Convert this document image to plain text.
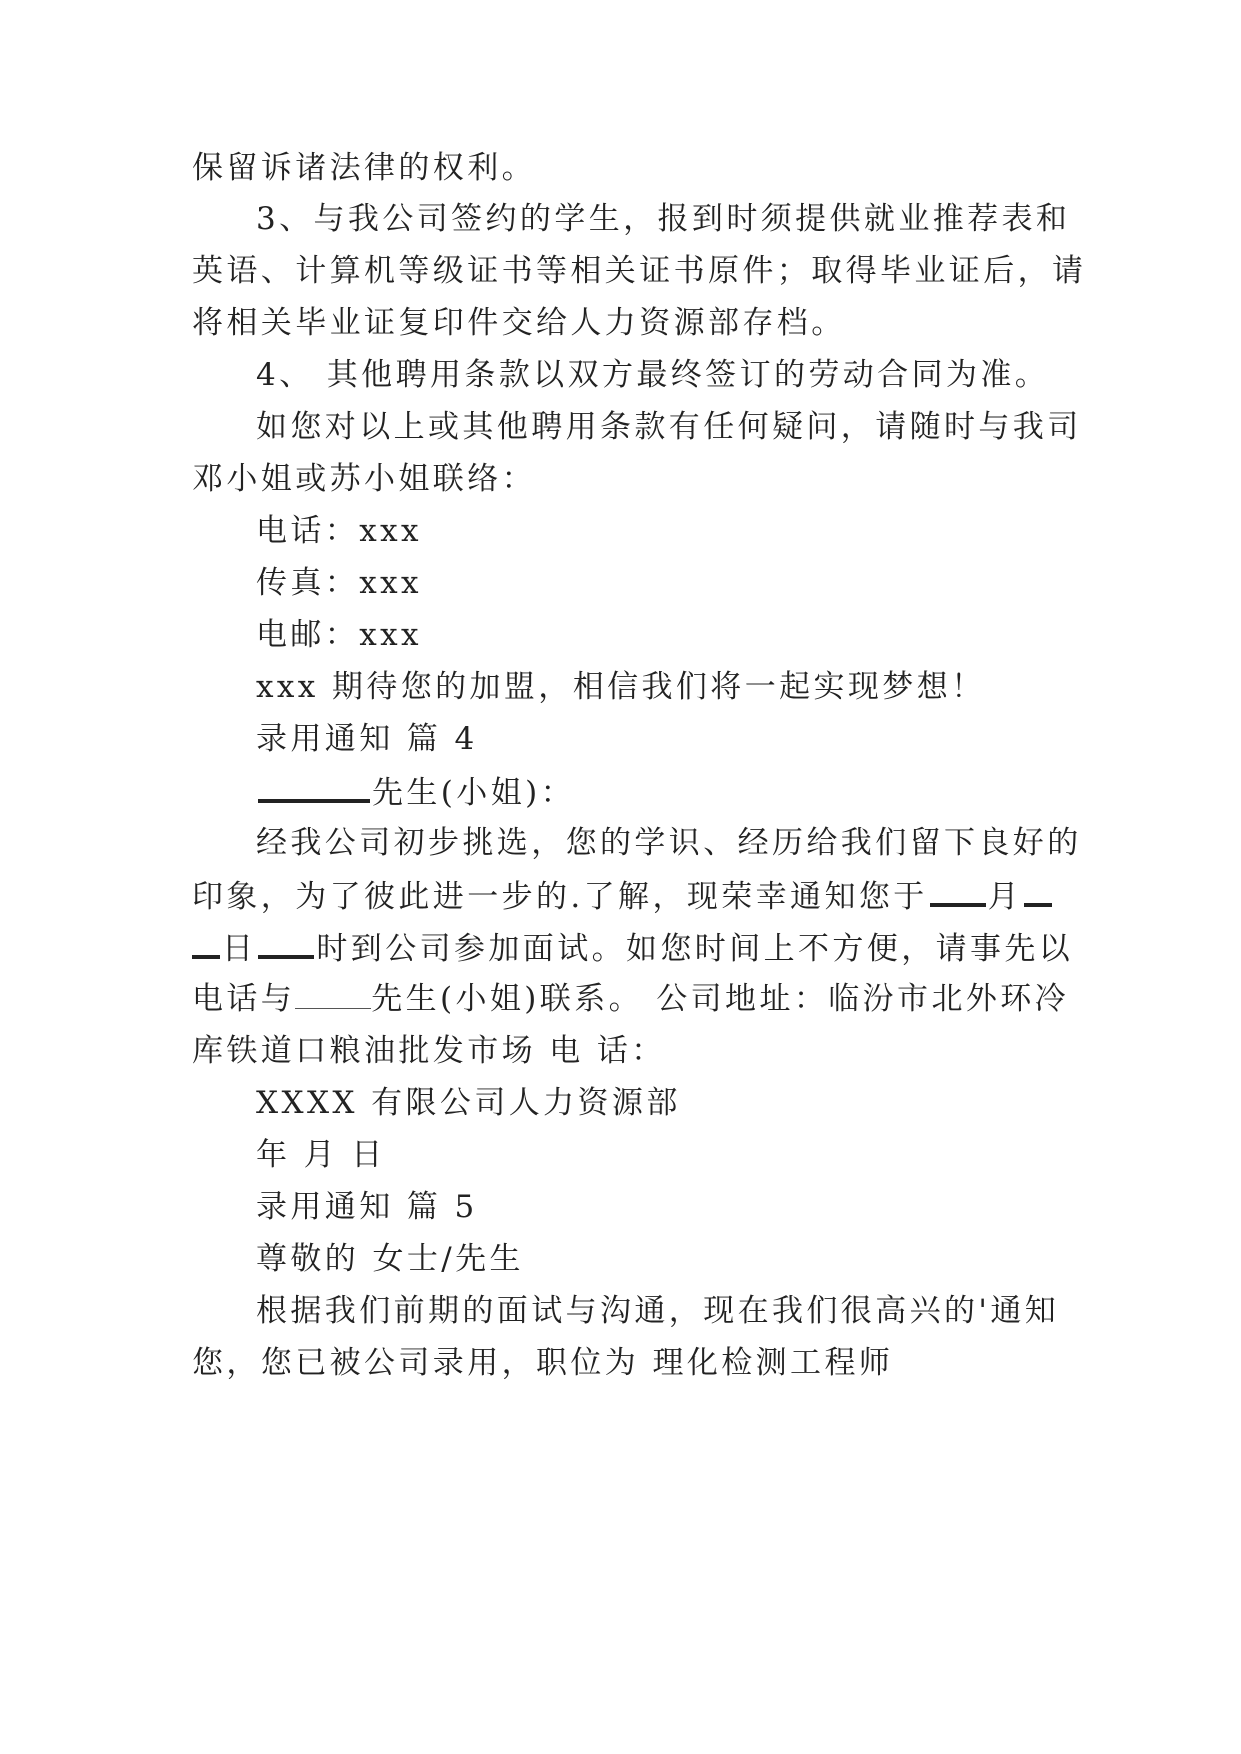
保留诉诸法律的权利。
3、与我公司签约的学生，报到时须提供就业推荐表和
英语、计算机等级证书等相关证书原件；取得毕业证后，请
将相关毕业证复印件交给人力资源部存档。
4、 其他聘用条款以双方最终签订的劳动合同为准。
如您对以上或其他聘用条款有任何疑问，请随时与我司
邓小姐或苏小姐联络：
电话：xxx
传真：xxx
电邮：xxx
xxx 期待您的加盟，相信我们将一起实现梦想！
录用通知 篇 4
先生(小姐)：
经我公司初步挑选，您的学识、经历给我们留下良好的
印象，为了彼此进一步的.了解，现荣幸通知您于 月
日 时到公司参加面试。如您时间上不方便，请事先以
电话与 先生(小姐)联系。 公司地址：临汾市北外环冷
库铁道口粮油批发市场 电 话：
XXXX 有限公司人力资源部
年 月 日
录用通知 篇 5
尊敬的 女士/先生
根据我们前期的面试与沟通，现在我们很高兴的'通知
您，您已被公司录用，职位为 理化检测工程师
